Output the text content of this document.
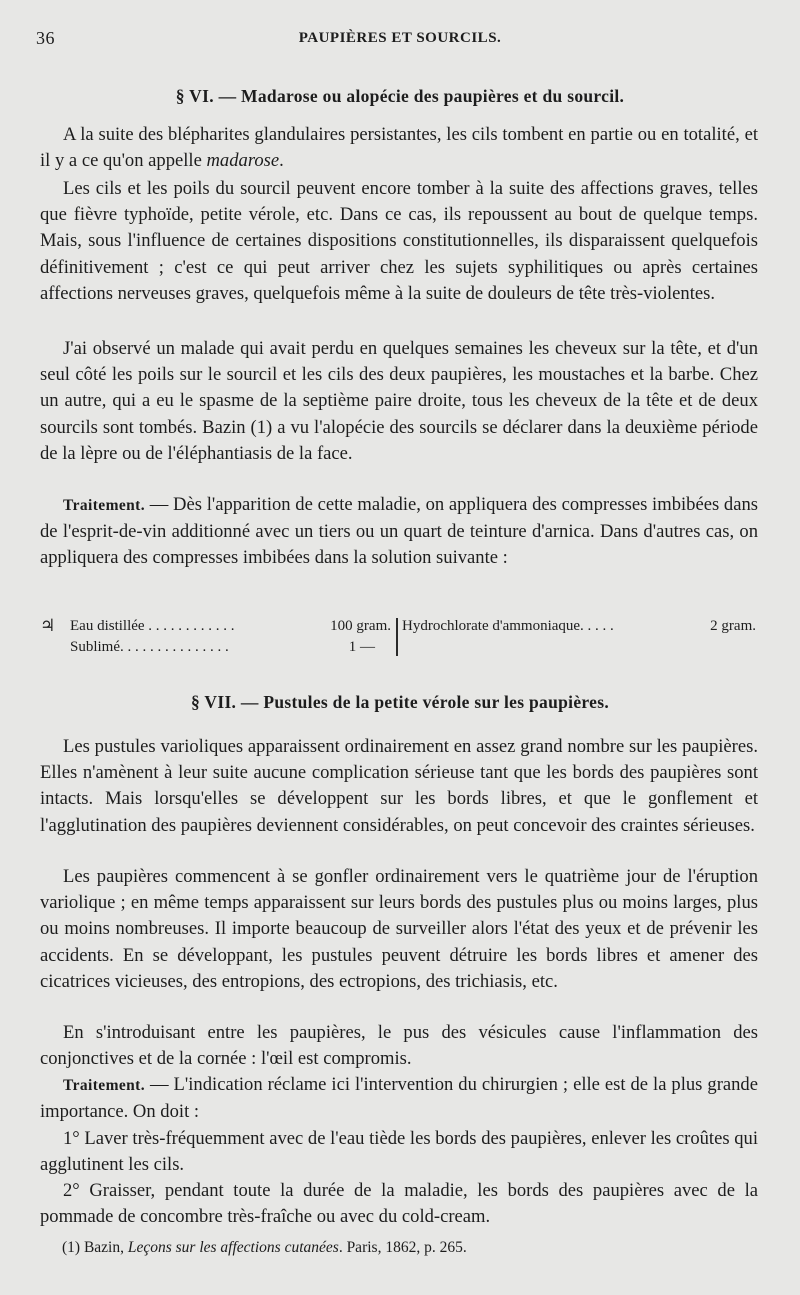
36	PAUPIÈRES ET SOURCILS.
§ VI. — Madarose ou alopécie des paupières et du sourcil.

A la suite des blépharites glandulaires persistantes, les cils tombent en partie ou en totalité, et il y a ce qu'on appelle madarose.

Les cils et les poils du sourcil peuvent encore tomber à la suite des affections graves, telles que fièvre typhoïde, petite vérole, etc. Dans ce cas, ils repoussent au bout de quelque temps. Mais, sous l'influence de certaines dispositions constitutionnelles, ils disparaissent quelquefois définitivement ; c'est ce qui peut arriver chez les sujets syphilitiques ou après certaines affections nerveuses graves, quelquefois même à la suite de douleurs de tête très-violentes.

J'ai observé un malade qui avait perdu en quelques semaines les cheveux sur la tête, et d'un seul côté les poils sur le sourcil et les cils des deux paupières, les moustaches et la barbe. Chez un autre, qui a eu le spasme de la septième paire droite, tous les cheveux de la tête et de deux sourcils sont tombés. Bazin (1) a vu l'alopécie des sourcils se déclarer dans la deuxième période de la lèpre ou de l'éléphantiasis de la face.

Traitement. — Dès l'apparition de cette maladie, on appliquera des compresses imbibées dans de l'esprit-de-vin additionné avec un tiers ou un quart de teinture d'arnica. Dans d'autres cas, on appliquera des compresses imbibées dans la solution suivante :

♃ Eau distillée . . . . . . . . . . . .	100 gram.
Sublimé. . . . . . . . . . . . . . .	1 —
Hydrochlorate d'ammoniaque. . . . .	2 gram.
§ VII. — Pustules de la petite vérole sur les paupières.

Les pustules varioliques apparaissent ordinairement en assez grand nombre sur les paupières. Elles n'amènent à leur suite aucune complication sérieuse tant que les bords des paupières sont intacts. Mais lorsqu'elles se développent sur les bords libres, et que le gonflement et l'agglutination des paupières deviennent considérables, on peut concevoir des craintes sérieuses.

Les paupières commencent à se gonfler ordinairement vers le quatrième jour de l'éruption variolique ; en même temps apparaissent sur leurs bords des pustules plus ou moins larges, plus ou moins nombreuses. Il importe beaucoup de surveiller alors l'état des yeux et de prévenir les accidents. En se développant, les pustules peuvent détruire les bords libres et amener des cicatrices vicieuses, des entropions, des ectropions, des trichiasis, etc.

En s'introduisant entre les paupières, le pus des vésicules cause l'inflammation des conjonctives et de la cornée : l'œil est compromis.

Traitement. — L'indication réclame ici l'intervention du chirurgien ; elle est de la plus grande importance. On doit :

1° Laver très-fréquemment avec de l'eau tiède les bords des paupières, enlever les croûtes qui agglutinent les cils.

2° Graisser, pendant toute la durée de la maladie, les bords des paupières avec de la pommade de concombre très-fraîche ou avec du cold-cream.

(1) Bazin, Leçons sur les affections cutanées. Paris, 1862, p. 265.
